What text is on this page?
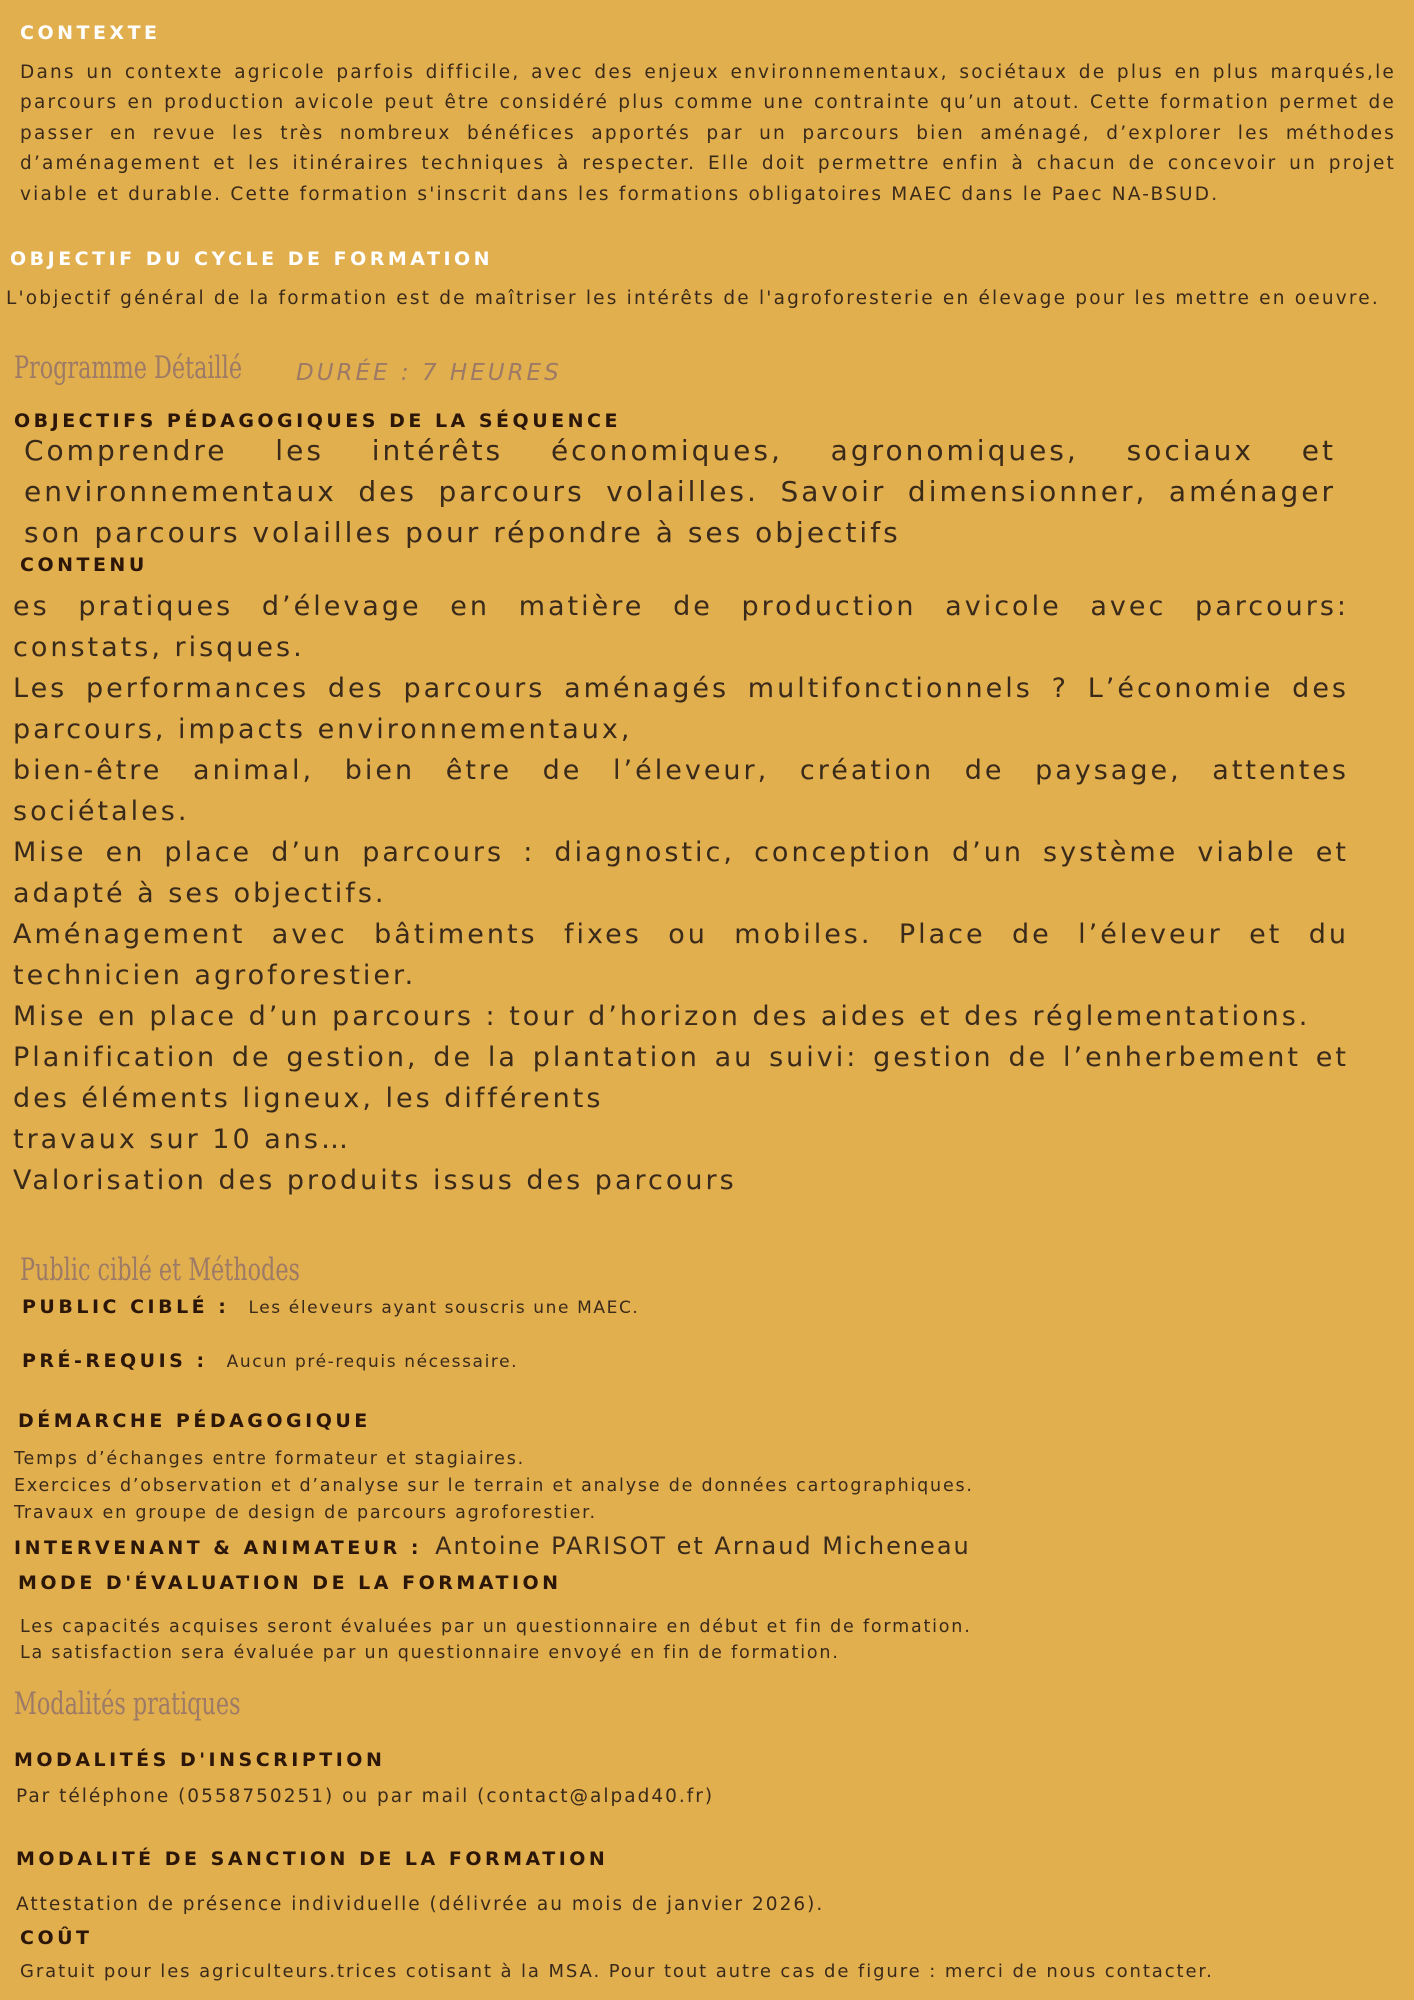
CONTEXTE

Dans un contexte agricole parfois difficile, avec des enjeux environnementaux, sociétaux de plus en plus marqués,le parcours en production avicole peut être considéré plus comme une contrainte qu’un atout. Cette formation permet de passer en revue les très nombreux bénéfices apportés par un parcours bien aménagé, d’explorer les méthodes d’aménagement et les itinéraires techniques à respecter. Elle doit permettre enfin à chacun de concevoir un projet viable et durable. Cette formation s'inscrit dans les formations obligatoires MAEC dans le Paec NA-BSUD.

OBJECTIF DU CYCLE DE FORMATION

L'objectif général de la formation est de maîtriser les intérêts de l'agroforesterie en élevage pour les mettre en oeuvre.

Programme Détaillé DURÉE : 7 HEURES
OBJECTIFS PÉDAGOGIQUES DE LA SÉQUENCE

Comprendre les intérêts économiques, agronomiques, sociaux et environnementaux des parcours volailles. Savoir dimensionner, aménager son parcours volailles pour répondre à ses objectifs

CONTENU
es pratiques d’élevage en matière de production avicole avec parcours: constats, risques.
Les performances des parcours aménagés multifonctionnels ? L’économie des parcours, impacts environnementaux,
bien-être animal, bien être de l’éleveur, création de paysage, attentes sociétales.
Mise en place d’un parcours : diagnostic, conception d’un système viable et adapté à ses objectifs.
Aménagement avec bâtiments fixes ou mobiles. Place de l’éleveur et du technicien agroforestier.
Mise en place d’un parcours : tour d’horizon des aides et des réglementations.
Planification de gestion, de la plantation au suivi: gestion de l’enherbement et des éléments ligneux, les différents
travaux sur 10 ans…
Valorisation des produits issus des parcours
Public ciblé et Méthodes
PUBLIC CIBLÉ : Les éleveurs ayant souscris une MAEC.
PRÉ-REQUIS : Aucun pré-requis nécessaire.
DÉMARCHE PÉDAGOGIQUE
Temps d’échanges entre formateur et stagiaires.
Exercices d’observation et d’analyse sur le terrain et analyse de données cartographiques.
Travaux en groupe de design de parcours agroforestier.
INTERVENANT & ANIMATEUR : Antoine PARISOT et Arnaud Micheneau
MODE D'ÉVALUATION DE LA FORMATION
Les capacités acquises seront évaluées par un questionnaire en début et fin de formation.
La satisfaction sera évaluée par un questionnaire envoyé en fin de formation.
Modalités pratiques
MODALITÉS D'INSCRIPTION
Par téléphone (0558750251) ou par mail (contact@alpad40.fr)
MODALITÉ DE SANCTION DE LA FORMATION
Attestation de présence individuelle (délivrée au mois de janvier 2026).
COÛT
Gratuit pour les agriculteurs.trices cotisant à la MSA. Pour tout autre cas de figure : merci de nous contacter.
